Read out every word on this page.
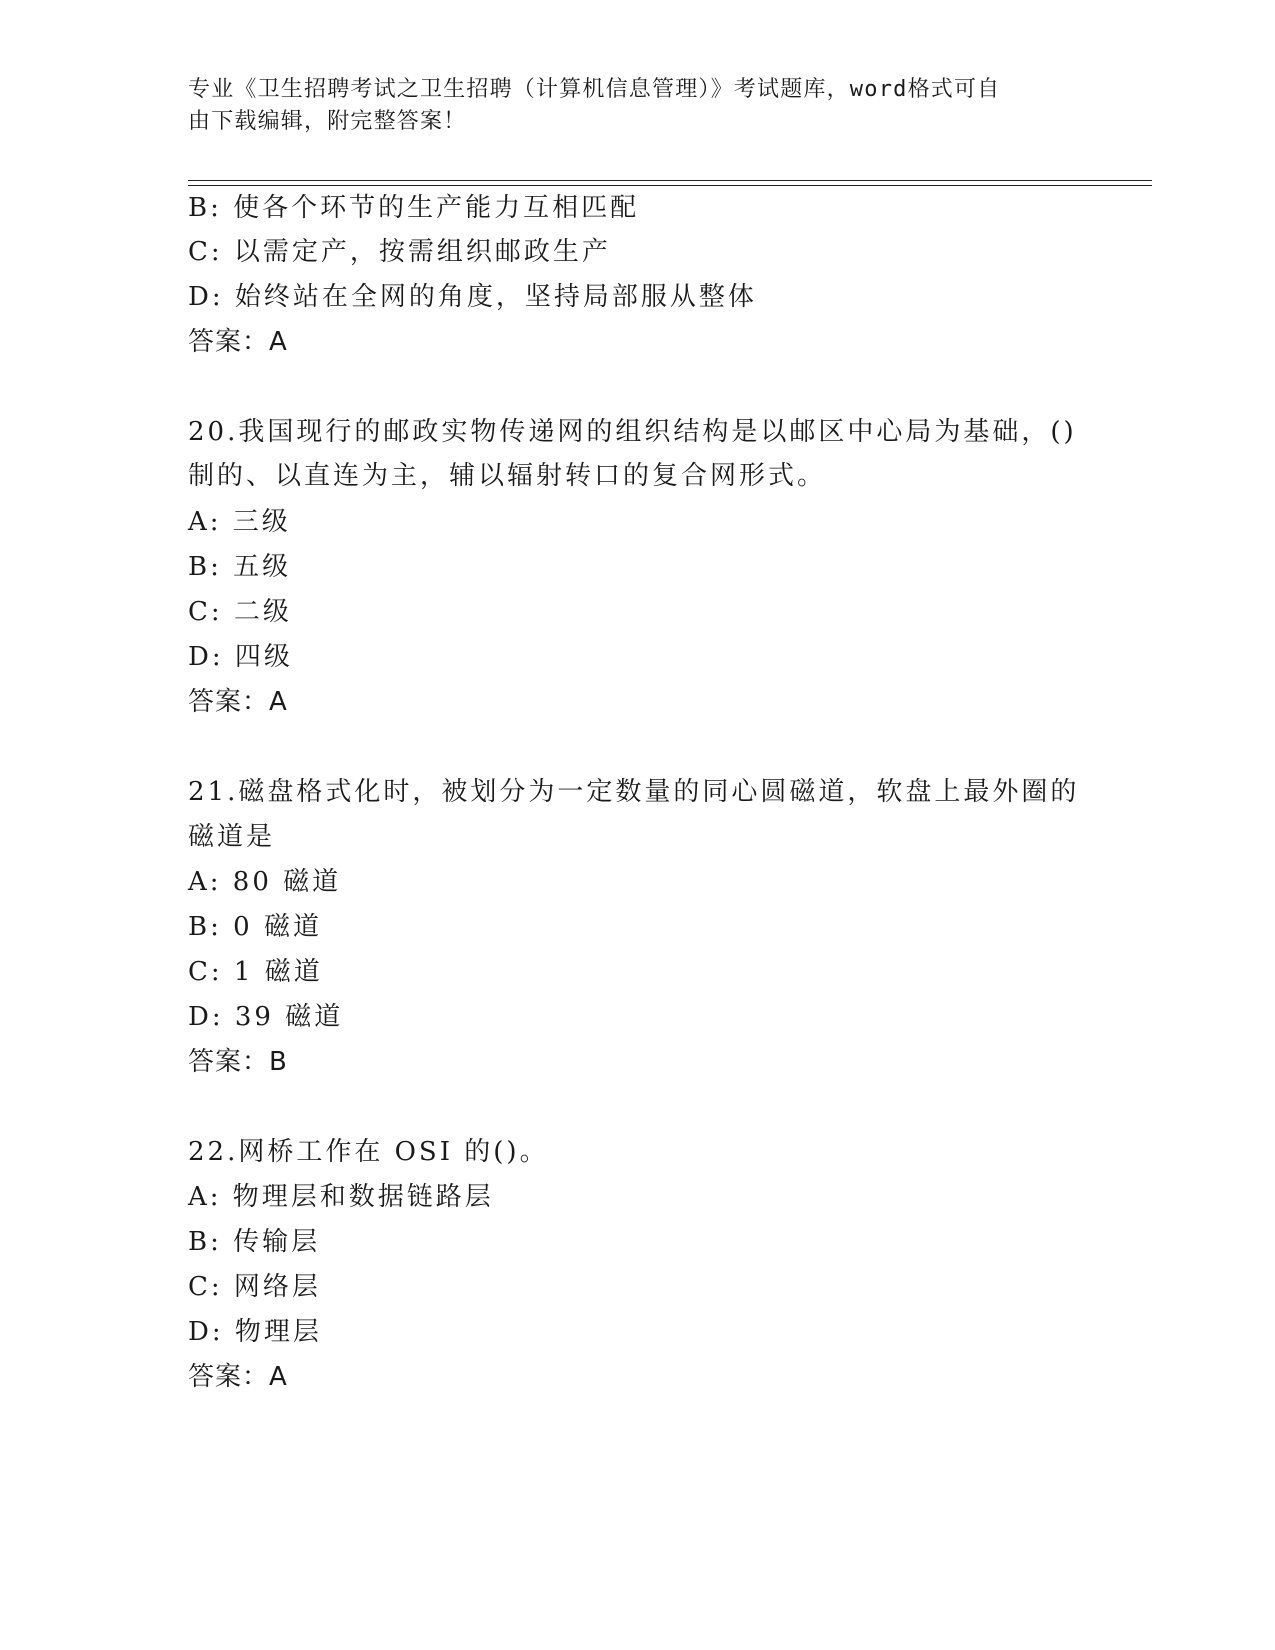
专业《卫生招聘考试之卫生招聘（计算机信息管理）》考试题库，word格式可自
由下载编辑，附完整答案！
B: 使各个环节的生产能力互相匹配
C: 以需定产，按需组织邮政生产
D: 始终站在全网的角度，坚持局部服从整体
答案：A
20.我国现行的邮政实物传递网的组织结构是以邮区中心局为基础，()
制的、以直连为主，辅以辐射转口的复合网形式。
A: 三级
B: 五级
C: 二级
D: 四级
答案：A
21.磁盘格式化时，被划分为一定数量的同心圆磁道，软盘上最外圈的
磁道是
A: 80 磁道
B: 0 磁道
C: 1 磁道
D: 39 磁道
答案：B
22.网桥工作在 OSI 的()。
A: 物理层和数据链路层
B: 传输层
C: 网络层
D: 物理层
答案：A
